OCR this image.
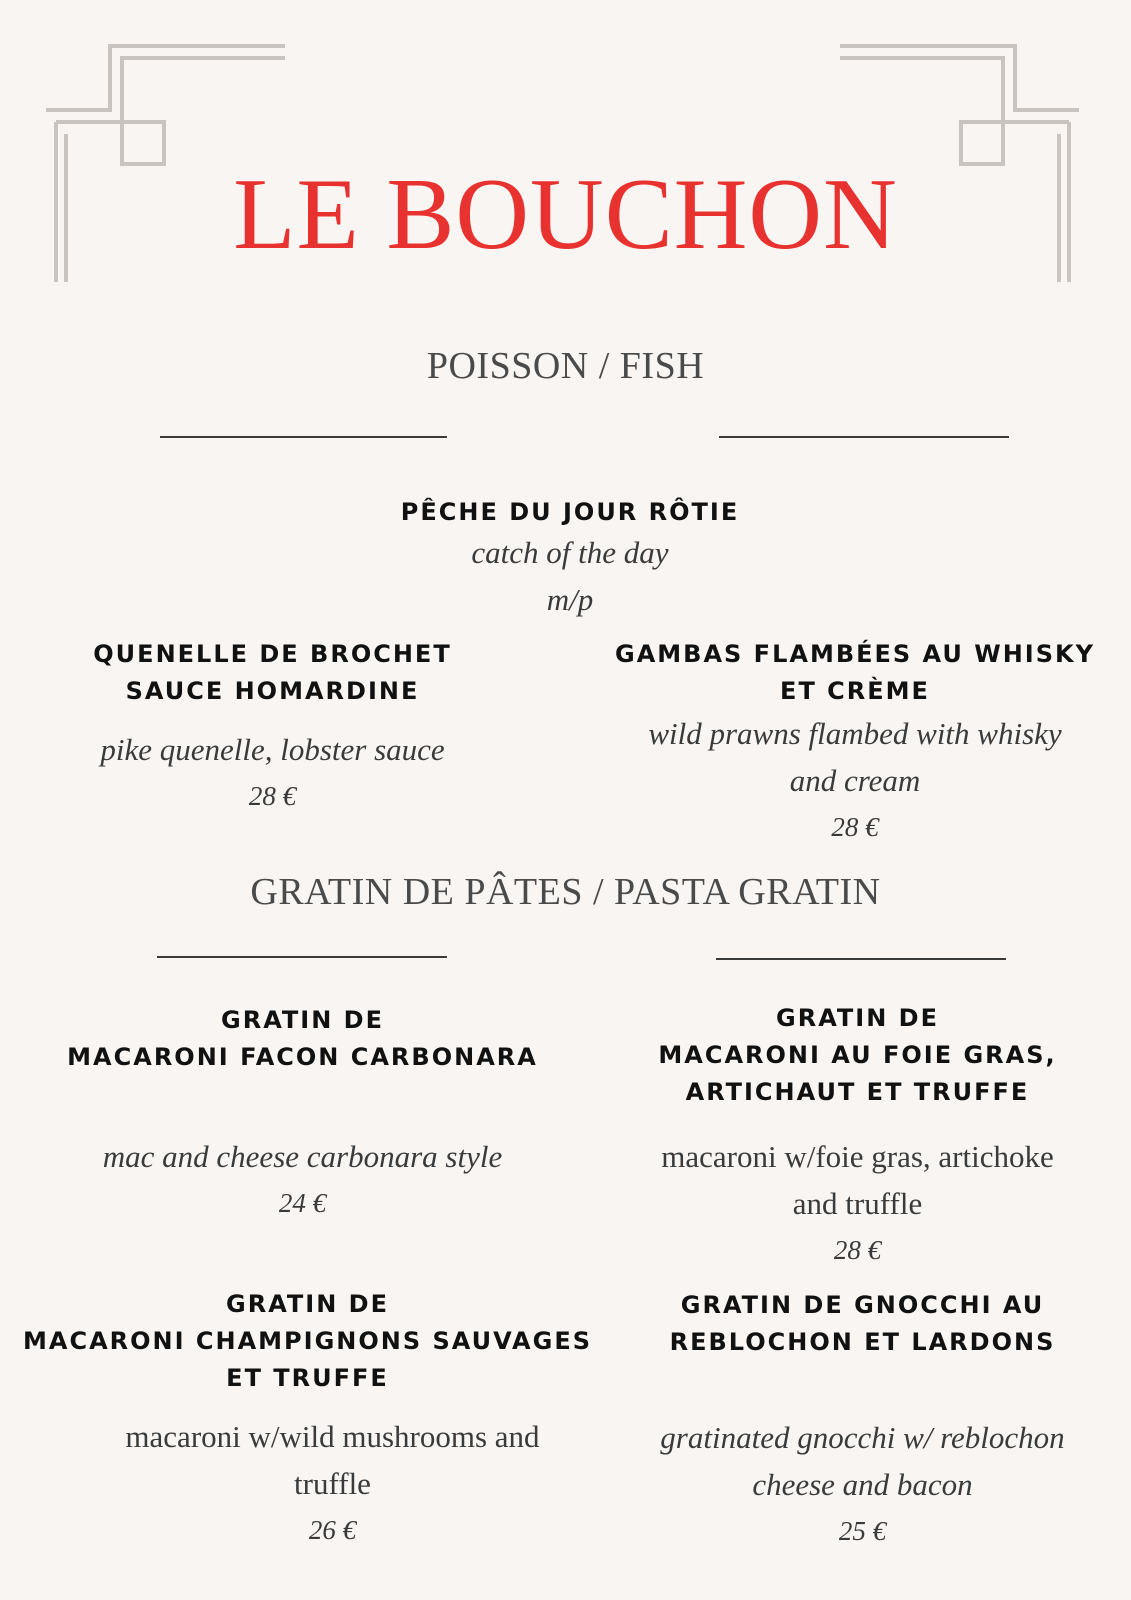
LE BOUCHON
POISSON / FISH
PÊCHE DU JOUR RÔTIE
catch of the day
m/p
QUENELLE DE BROCHET
SAUCE HOMARDINE
pike quenelle, lobster sauce
28 €
GAMBAS FLAMBÉES AU WHISKY
ET CRÈME
wild prawns flambed with whisky
and cream
28 €
GRATIN DE PÂTES / PASTA GRATIN
GRATIN DE
MACARONI FACON CARBONARA
mac and cheese carbonara style
24 €
GRATIN DE
MACARONI AU FOIE GRAS,
ARTICHAUT ET TRUFFE
macaroni w/foie gras, artichoke
and truffle
28 €
GRATIN DE
MACARONI CHAMPIGNONS SAUVAGES
ET TRUFFE
macaroni w/wild mushrooms and
truffle
26 €
GRATIN DE GNOCCHI AU
REBLOCHON ET LARDONS
gratinated gnocchi w/ reblochon
cheese and bacon
25 €
